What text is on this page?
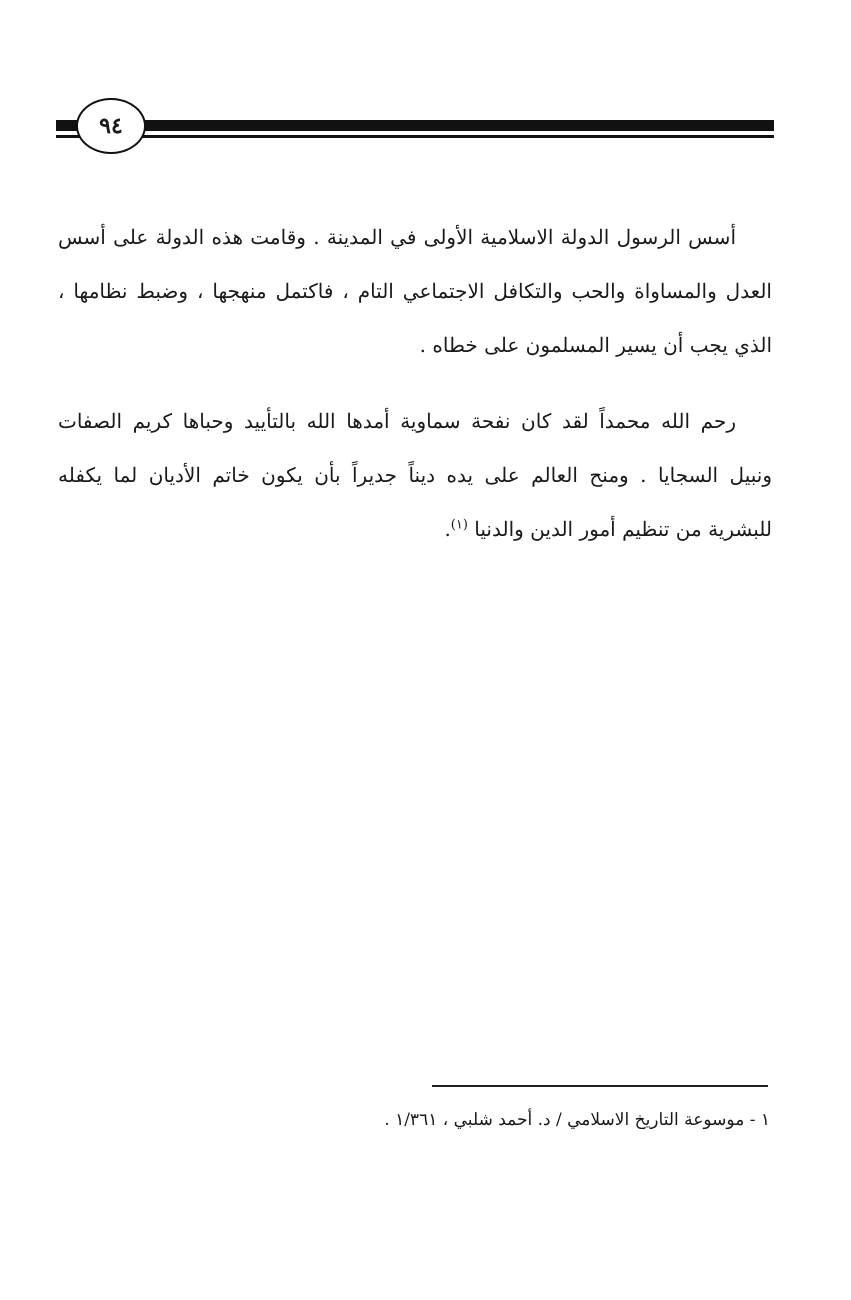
٩٤
أسس الرسول الدولة الاسلامية الأولى في المدينة . وقامت هذه الدولة على أسس
العدل والمساواة والحب والتكافل الاجتماعي التام ، فاكتمل منهجها ، وضبط نظامها ،
الذي يجب أن يسير المسلمون على خطاه .
رحم الله محمداً لقد كان نفحة سماوية أمدها الله بالتأييد وحباها كريم الصفات
ونبيل السجايا . ومنح العالم على يده ديناً جديراً بأن يكون خاتم الأديان لما يكفله
للبشرية من تنظيم أمور الدين والدنيا $^{(١)}$.
١ - موسوعة التاريخ الاسلامي / د. أحمد شلبي ، ١/٣٦١ .
